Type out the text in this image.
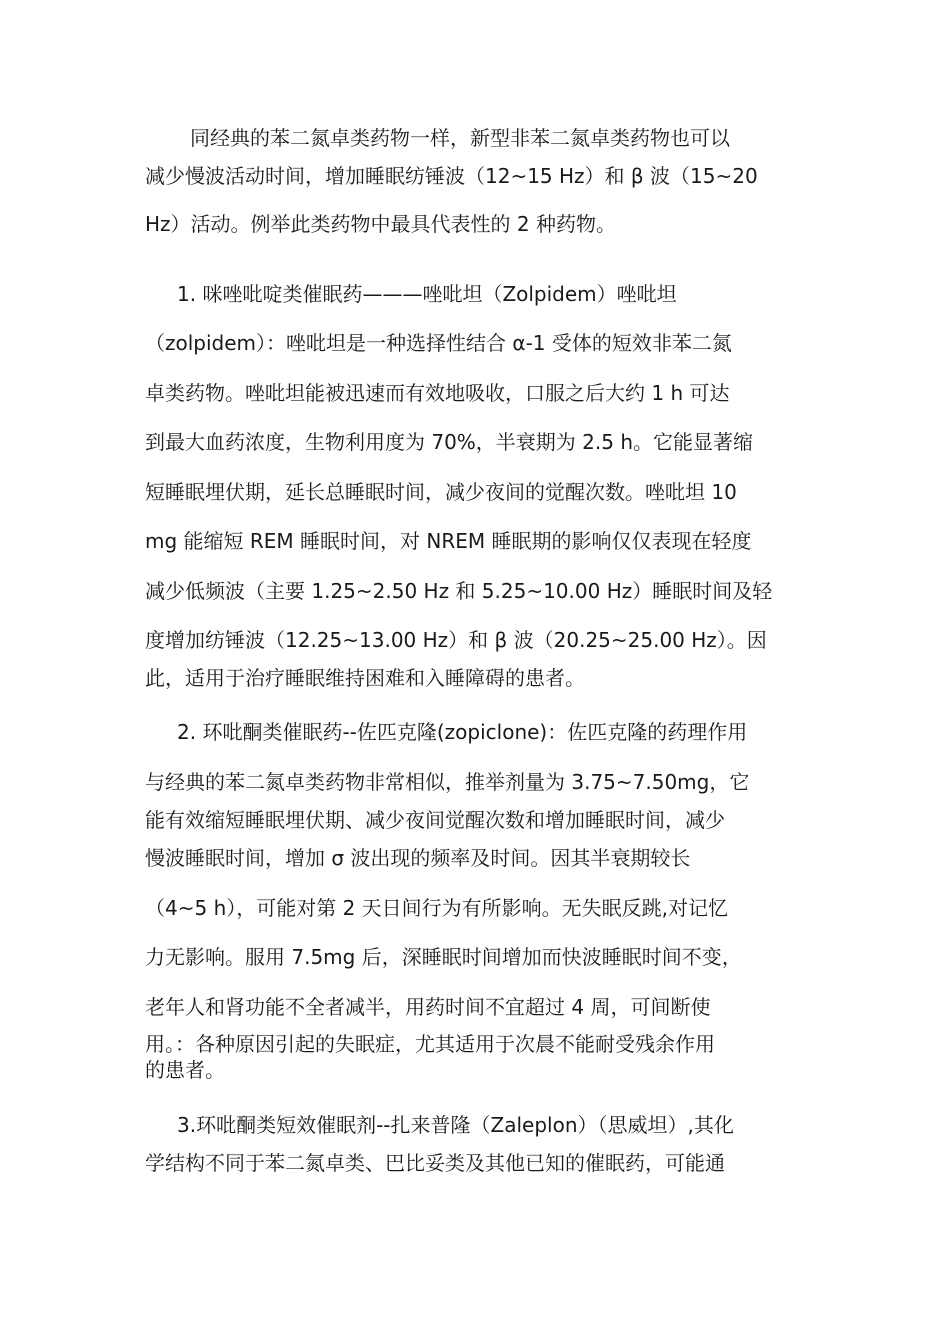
同经典的苯二氮卓类药物一样，新型非苯二氮卓类药物也可以
减少慢波活动时间，增加睡眠纺锤波（12~15 Hz）和 β 波（15~20
Hz）活动。例举此类药物中最具代表性的 2 种药物。
1. 咪唑吡啶类催眠药———唑吡坦（Zolpidem）唑吡坦
（zolpidem）：唑吡坦是一种选择性结合 α-1 受体的短效非苯二氮
卓类药物。唑吡坦能被迅速而有效地吸收，口服之后大约 1 h 可达
到最大血药浓度，生物利用度为 70%，半衰期为 2.5 h。它能显著缩
短睡眠埋伏期，延长总睡眠时间，减少夜间的觉醒次数。唑吡坦 10
mg 能缩短 REM 睡眠时间，对 NREM 睡眠期的影响仅仅表现在轻度
减少低频波（主要 1.25~2.50 Hz 和 5.25~10.00 Hz）睡眠时间及轻
度增加纺锤波（12.25~13.00 Hz）和 β 波（20.25~25.00 Hz）。因
此，适用于治疗睡眠维持困难和入睡障碍的患者。
2. 环吡酮类催眠药--佐匹克隆(zopiclone)：佐匹克隆的药理作用
与经典的苯二氮卓类药物非常相似，推举剂量为 3.75~7.50mg，它
能有效缩短睡眠埋伏期、减少夜间觉醒次数和增加睡眠时间，减少
慢波睡眠时间，增加 σ 波出现的频率及时间。因其半衰期较长
（4~5 h），可能对第 2 天日间行为有所影响。无失眠反跳,对记忆
力无影响。服用 7.5mg 后，深睡眠时间增加而快波睡眠时间不变，
老年人和肾功能不全者减半，用药时间不宜超过 4 周，可间断使
用。：各种原因引起的失眠症，尤其适用于次晨不能耐受残余作用
的患者。
3.环吡酮类短效催眠剂--扎来普隆（Zaleplon）（思威坦）,其化
学结构不同于苯二氮卓类、巴比妥类及其他已知的催眠药，可能通
